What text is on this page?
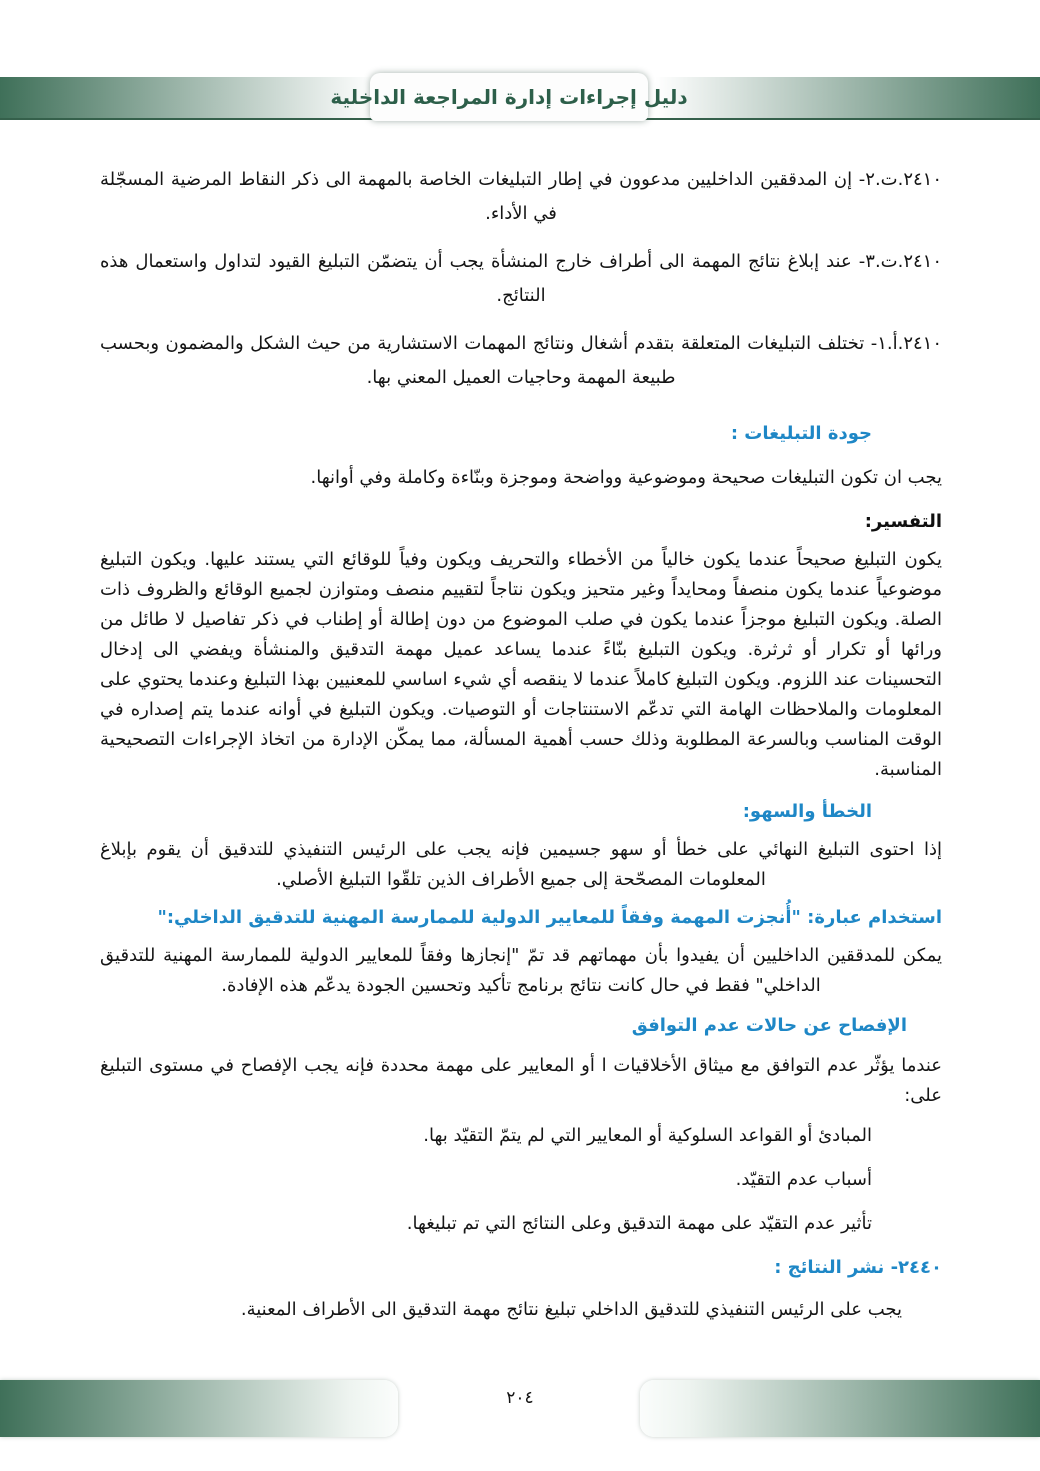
دليل إجراءات إدارة المراجعة الداخلية

٢٤١٠.ت.٢- إن المدققين الداخليين مدعوون في إطار التبليغات الخاصة بالمهمة الى ذكر النقاط المرضية المسجّلة في الأداء.

٢٤١٠.ت.٣- عند إبلاغ نتائج المهمة الى أطراف خارج المنشأة يجب أن يتضمّن التبليغ القيود لتداول واستعمال هذه النتائج.

٢٤١٠.أ.١- تختلف التبليغات المتعلقة بتقدم أشغال ونتائج المهمات الاستشارية من حيث الشكل والمضمون وبحسب طبيعة المهمة وحاجيات العميل المعني بها.

جودة التبليغات :

يجب ان تكون التبليغات صحيحة وموضوعية وواضحة وموجزة وبنّاءة وكاملة وفي أوانها.

التفسير:

يكون التبليغ صحيحاً عندما يكون خالياً من الأخطاء والتحريف ويكون وفياً للوقائع التي يستند عليها. ويكون التبليغ موضوعياً عندما يكون منصفاً ومحايداً وغير متحيز ويكون نتاجاً لتقييم منصف ومتوازن لجميع الوقائع والظروف ذات الصلة. ويكون التبليغ موجزاً عندما يكون في صلب الموضوع من دون إطالة أو إطناب في ذكر تفاصيل لا طائل من ورائها أو تكرار أو ثرثرة. ويكون التبليغ بنّاءً عندما يساعد عميل مهمة التدقيق والمنشأة ويفضي الى إدخال التحسينات عند اللزوم. ويكون التبليغ كاملاً عندما لا ينقصه أي شيء اساسي للمعنيين بهذا التبليغ وعندما يحتوي على المعلومات والملاحظات الهامة التي تدعّم الاستنتاجات أو التوصيات. ويكون التبليغ في أوانه عندما يتم إصداره في الوقت المناسب وبالسرعة المطلوبة وذلك حسب أهمية المسألة، مما يمكّن الإدارة من اتخاذ الإجراءات التصحيحية المناسبة.

الخطأ والسهو:

إذا احتوى التبليغ النهائي على خطأ أو سهو جسيمين فإنه يجب على الرئيس التنفيذي للتدقيق أن يقوم بإبلاغ المعلومات المصحّحة إلى جميع الأطراف الذين تلقّوا التبليغ الأصلي.

استخدام عبارة: "أُنجزت المهمة وفقاً للمعايير الدولية للممارسة المهنية للتدقيق الداخلي:"

يمكن للمدققين الداخليين أن يفيدوا بأن مهماتهم قد تمّ "إنجازها وفقاً للمعايير الدولية للممارسة المهنية للتدقيق الداخلي" فقط في حال كانت نتائج برنامج تأكيد وتحسين الجودة يدعّم هذه الإفادة.

الإفصاح عن حالات عدم التوافق

عندما يؤثّر عدم التوافق مع ميثاق الأخلاقيات ا أو المعايير على مهمة محددة فإنه يجب الإفصاح في مستوى التبليغ على:

المبادئ أو القواعد السلوكية أو المعايير التي لم يتمّ التقيّد بها.

أسباب عدم التقيّد.

تأثير عدم التقيّد على مهمة التدقيق وعلى النتائج التي تم تبليغها.

٢٤٤٠- نشر النتائج :

يجب على الرئيس التنفيذي للتدقيق الداخلي تبليغ نتائج مهمة التدقيق الى الأطراف المعنية.

٢٠٤
